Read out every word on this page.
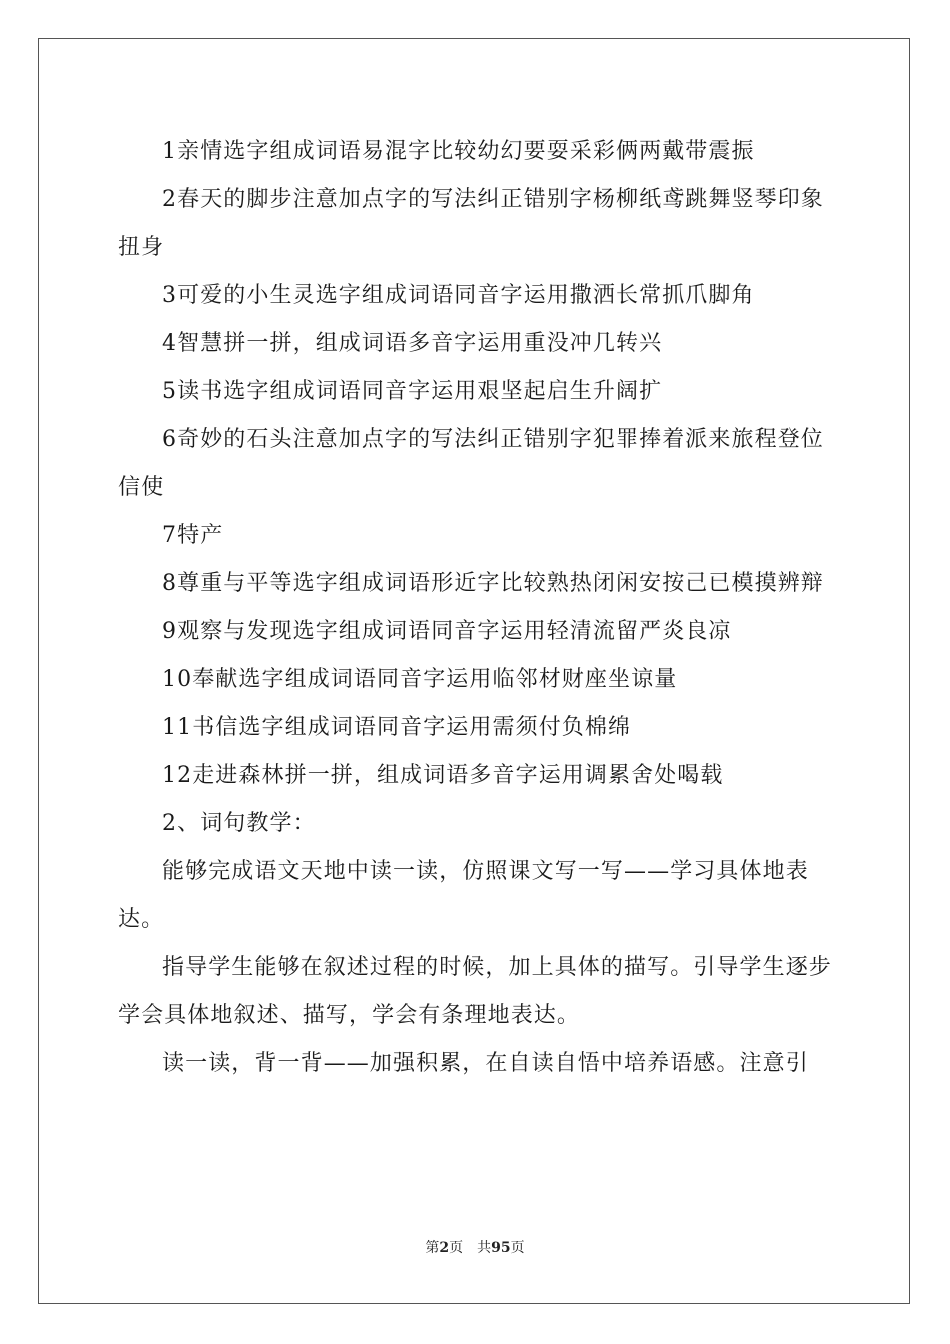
1亲情选字组成词语易混字比较幼幻要耍采彩俩两戴带震振

2春天的脚步注意加点字的写法纠正错别字杨柳纸鸢跳舞竖琴印象扭身

3可爱的小生灵选字组成词语同音字运用撒洒长常抓爪脚角

4智慧拼一拼，组成词语多音字运用重没冲几转兴

5读书选字组成词语同音字运用艰坚起启生升阔扩

6奇妙的石头注意加点字的写法纠正错别字犯罪捧着派来旅程登位信使

7特产

8尊重与平等选字组成词语形近字比较熟热闭闲安按己已模摸辨辩

9观察与发现选字组成词语同音字运用轻清流留严炎良凉

10奉献选字组成词语同音字运用临邻材财座坐谅量

11书信选字组成词语同音字运用需须付负棉绵

12走进森林拼一拼，组成词语多音字运用调累舍处喝载

2、词句教学：

能够完成语文天地中读一读，仿照课文写一写——学习具体地表达。

指导学生能够在叙述过程的时候，加上具体的描写。引导学生逐步学会具体地叙述、描写，学会有条理地表达。

读一读，背一背——加强积累，在自读自悟中培养语感。注意引

第2页 共95页
